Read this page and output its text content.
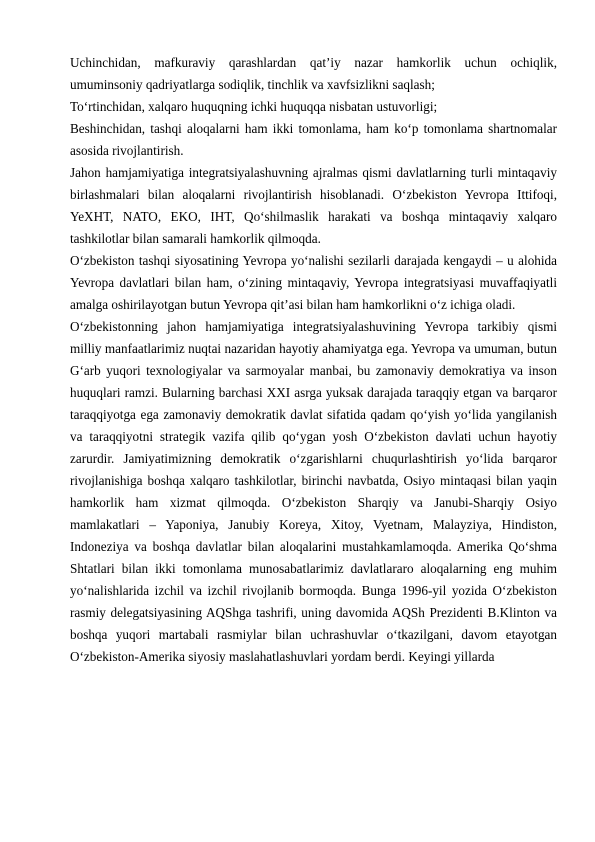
Uchinchidan, mafkuraviy qarashlardan qat’iy nazar hamkorlik uchun ochiqlik, umuminsoniy qadriyatlarga sodiqlik, tinchlik va xavfsizlikni saqlash;

To‘rtinchidan, xalqaro huquqning ichki huquqqa nisbatan ustuvorligi;

Beshinchidan, tashqi aloqalarni ham ikki tomonlama, ham ko‘p tomonlama shartnomalar asosida rivojlantirish.

Jahon hamjamiyatiga integratsiyalashuvning ajralmas qismi davlatlarning turli mintaqaviy birlashmalari bilan aloqalarni rivojlantirish hisoblanadi. O‘zbekiston Yevropa Ittifoqi, YeXHT, NATO, EKO, IHT, Qo‘shilmaslik harakati va boshqa mintaqaviy xalqaro tashkilotlar bilan samarali hamkorlik qilmoqda.

O‘zbekiston tashqi siyosatining Yevropa yo‘nalishi sezilarli darajada kengaydi – u alohida Yevropa davlatlari bilan ham, o‘zining mintaqaviy, Yevropa integratsiyasi muvaffaqiyatli amalga oshirilayotgan butun Yevropa qit’asi bilan ham hamkorlikni o‘z ichiga oladi.

O‘zbekistonning jahon hamjamiyatiga integratsiyalashuvining Yevropa tarkibiy qismi milliy manfaatlarimiz nuqtai nazaridan hayotiy ahamiyatga ega. Yevropa va umuman, butun G‘arb yuqori texnologiyalar va sarmoyalar manbai, bu zamonaviy demokratiya va inson huquqlari ramzi. Bularning barchasi XXI asrga yuksak darajada taraqqiy etgan va barqaror taraqqiyotga ega zamonaviy demokratik davlat sifatida qadam qo‘yish yo‘lida yangilanish va taraqqiyotni strategik vazifa qilib qo‘ygan yosh O‘zbekiston davlati uchun hayotiy zarurdir. Jamiyatimizning demokratik o‘zgarishlarni chuqurlashtirish yo‘lida barqaror rivojlanishiga boshqa xalqaro tashkilotlar, birinchi navbatda, Osiyo mintaqasi bilan yaqin hamkorlik ham xizmat qilmoqda. O‘zbekiston Sharqiy va Janubi-Sharqiy Osiyo mamlakatlari – Yaponiya, Janubiy Koreya, Xitoy, Vyetnam, Malayziya, Hindiston, Indoneziya va boshqa davlatlar bilan aloqalarini mustahkamlamoqda. Amerika Qo‘shma Shtatlari bilan ikki tomonlama munosabatlarimiz davlatlararo aloqalarning eng muhim yo‘nalishlarida izchil va izchil rivojlanib bormoqda. Bunga 1996-yil yozida O‘zbekiston rasmiy delegatsiyasining AQShga tashrifi, uning davomida AQSh Prezidenti B.Klinton va boshqa yuqori martabali rasmiylar bilan uchrashuvlar o‘tkazilgani, davom etayotgan O‘zbekiston-Amerika siyosiy maslahatlashuvlari yordam berdi. Keyingi yillarda
